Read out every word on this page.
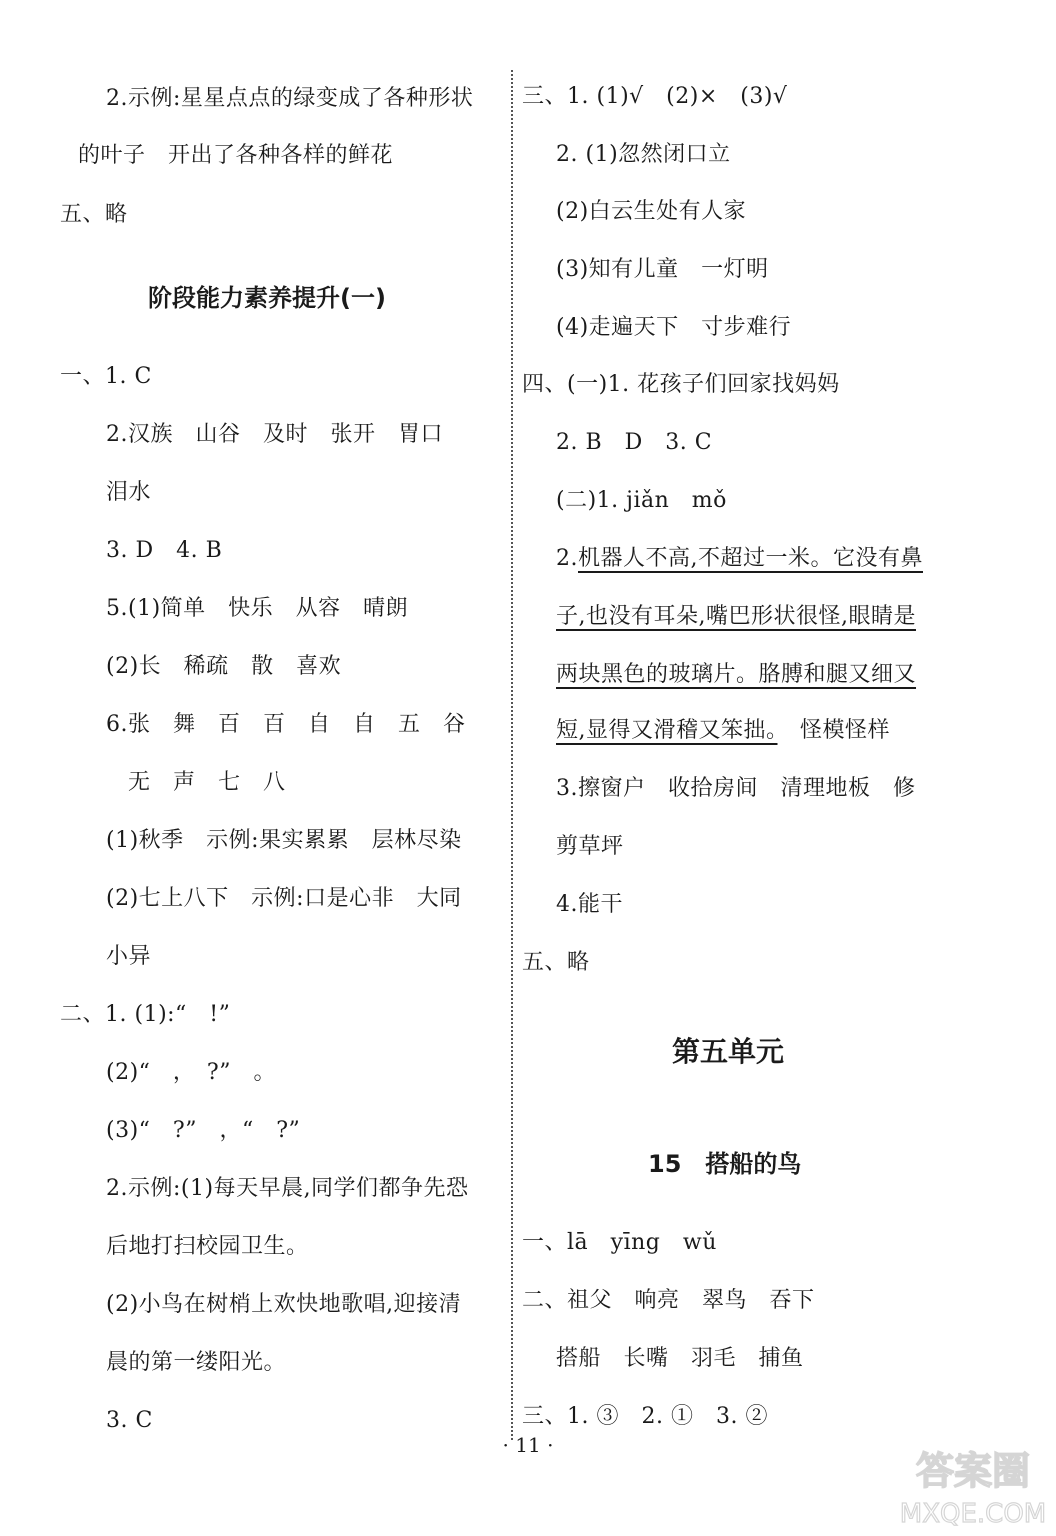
2.示例:星星点点的绿变成了各种形状
的叶子　开出了各种各样的鲜花
五、略
阶段能力素养提升(一)
一、1. C
2.汉族　山谷　及时　张开　胃口
泪水
3. D　4. B
5.(1)简单　快乐　从容　晴朗
(2)长　稀疏　散　喜欢
6.张　舞　百　百　自　自　五　谷
无　声　七　八
(1)秋季　示例:果实累累　层林尽染
(2)七上八下　示例:口是心非　大同
小异
二、1. (1):“　!”
(2)“　，　?”　。
(3)“　?”　，“　?”
2.示例:(1)每天早晨,同学们都争先恐
后地打扫校园卫生。
(2)小鸟在树梢上欢快地歌唱,迎接清
晨的第一缕阳光。
3. C
三、1. (1)√　(2)×　(3)√
2. (1)忽然闭口立
(2)白云生处有人家
(3)知有儿童　一灯明
(4)走遍天下　寸步难行
四、(一)1. 花孩子们回家找妈妈
2. B　D　3. C
(二)1. jiǎn　mǒ
2.机器人不高,不超过一米。它没有鼻
子,也没有耳朵,嘴巴形状很怪,眼睛是
两块黑色的玻璃片。胳膊和腿又细又
短,显得又滑稽又笨拙。　怪模怪样
3.擦窗户　收拾房间　清理地板　修
剪草坪
4.能干
五、略
第五单元
15　搭船的鸟
一、lā　yīng　wǔ
二、祖父　响亮　翠鸟　吞下
搭船　长嘴　羽毛　捕鱼
三、1. ③　2. ①　3. ②
· 11 ·
答案圈
MXQE.COM
